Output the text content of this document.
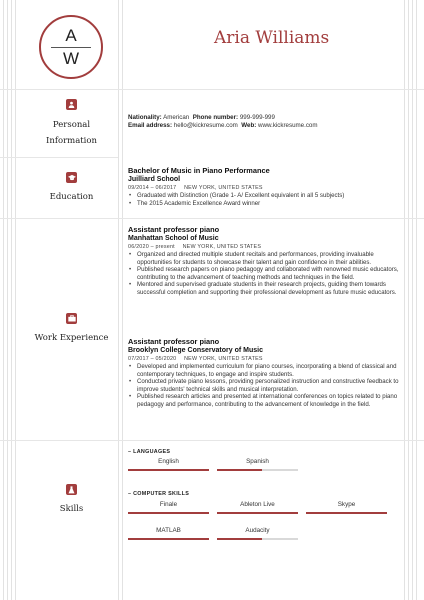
A
W
Aria Williams
Personal
Information
Nationality: American Phone number: 999-999-999
Email address: hello@kickresume.com Web: www.kickresume.com
Education
Bachelor of Music in Piano Performance
Juilliard School
09/2014 – 06/2017 NEW YORK, UNITED STATES
• Graduated with Distinction (Grade 1- A/ Excellent equivalent in all 5 subjects)
• The 2015 Academic Excellence Award winner
Work Experience
Assistant professor piano
Manhattan School of Music
06/2020 – present NEW YORK, UNITED STATES
• Organized and directed multiple student recitals and performances, providing invaluable opportunities for students to showcase their talent and gain confidence in their abilities.
• Published research papers on piano pedagogy and collaborated with renowned music educators, contributing to the advancement of teaching methods and techniques in the field.
• Mentored and supervised graduate students in their research projects, guiding them towards successful completion and supporting their professional development as future music educators.
Assistant professor piano
Brooklyn College Conservatory of Music
07/2017 – 05/2020 NEW YORK, UNITED STATES
• Developed and implemented curriculum for piano courses, incorporating a blend of classical and contemporary techniques, to engage and inspire students.
• Conducted private piano lessons, providing personalized instruction and constructive feedback to improve students' technical skills and musical interpretation.
• Published research articles and presented at international conferences on topics related to piano pedagogy and performance, contributing to the advancement of knowledge in the field.
Skills
– LANGUAGES
English	Spanish
– COMPUTER SKILLS
Finale	Ableton Live	Skype
MATLAB	Audacity
